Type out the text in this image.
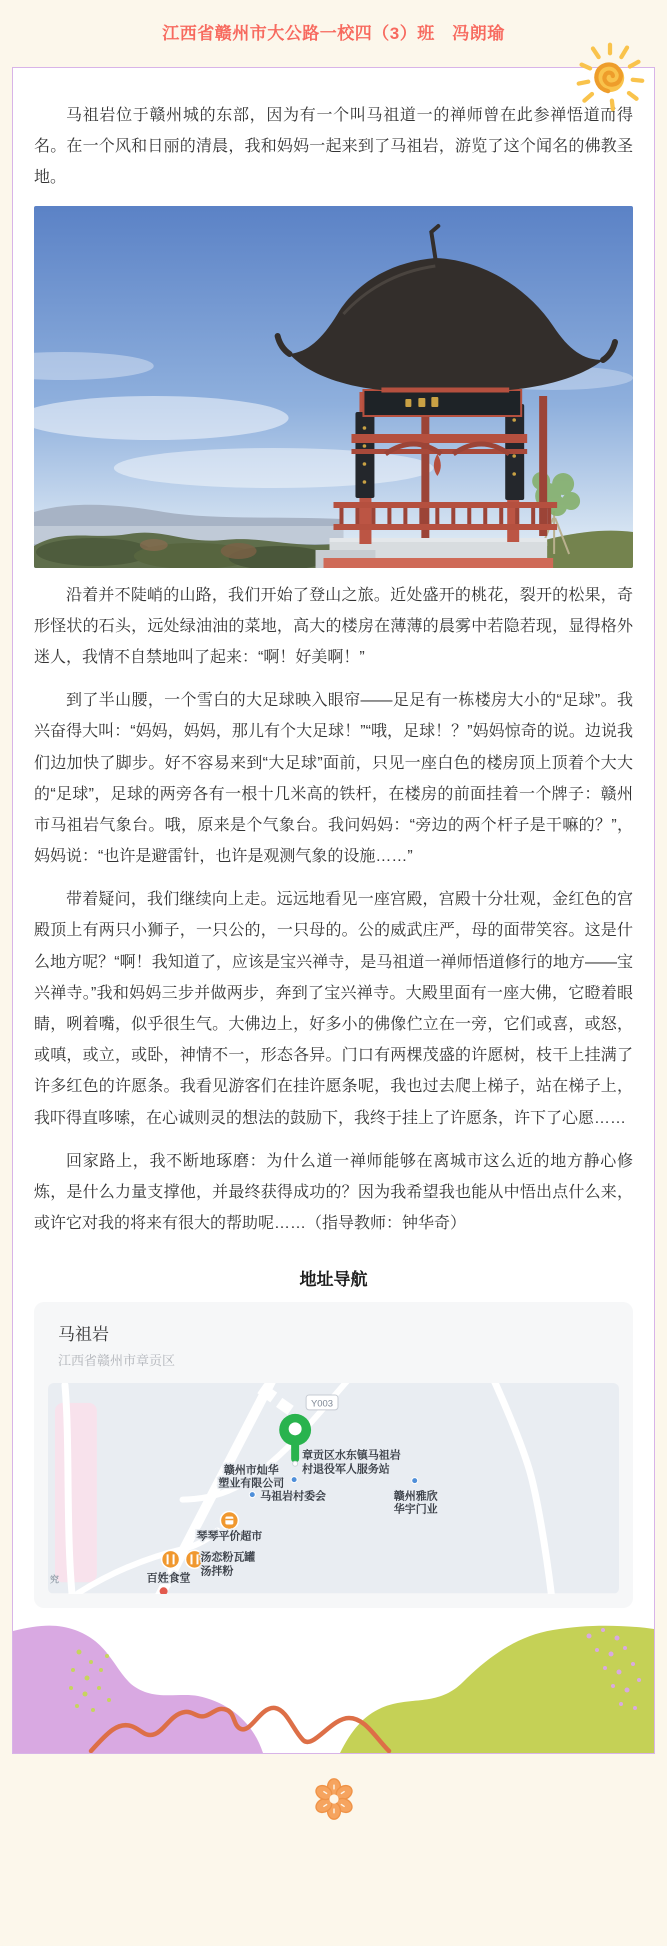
江西省赣州市大公路一校四（3）班　冯朗瑜

马祖岩位于赣州城的东部，因为有一个叫马祖道一的禅师曾在此参禅悟道而得名。在一个风和日丽的清晨，我和妈妈一起来到了马祖岩，游览了这个闻名的佛教圣地。

沿着并不陡峭的山路，我们开始了登山之旅。近处盛开的桃花，裂开的松果，奇形怪状的石头，远处绿油油的菜地，高大的楼房在薄薄的晨雾中若隐若现，显得格外迷人，我情不自禁地叫了起来：“啊！好美啊！”

到了半山腰，一个雪白的大足球映入眼帘——足足有一栋楼房大小的“足球”。我兴奋得大叫：“妈妈，妈妈，那儿有个大足球！”“哦，足球！？”妈妈惊奇的说。边说我们边加快了脚步。好不容易来到“大足球”面前，只见一座白色的楼房顶上顶着个大大的“足球”，足球的两旁各有一根十几米高的铁杆，在楼房的前面挂着一个牌子：赣州市马祖岩气象台。哦，原来是个气象台。我问妈妈：“旁边的两个杆子是干嘛的？”，妈妈说：“也许是避雷针，也许是观测气象的设施……”

带着疑问，我们继续向上走。远远地看见一座宫殿，宫殿十分壮观，金红色的宫殿顶上有两只小狮子，一只公的，一只母的。公的威武庄严，母的面带笑容。这是什么地方呢？“啊！我知道了，应该是宝兴禅寺，是马祖道一禅师悟道修行的地方——宝兴禅寺。”我和妈妈三步并做两步，奔到了宝兴禅寺。大殿里面有一座大佛，它瞪着眼睛，咧着嘴，似乎很生气。大佛边上，好多小的佛像伫立在一旁，它们或喜，或怒，或嗔，或立，或卧，神情不一，形态各异。门口有两棵茂盛的许愿树，枝干上挂满了许多红色的许愿条。我看见游客们在挂许愿条呢，我也过去爬上梯子，站在梯子上，我吓得直哆嗦，在心诚则灵的想法的鼓励下，我终于挂上了许愿条，许下了心愿……

回家路上，我不断地琢磨：为什么道一禅师能够在离城市这么近的地方静心修炼，是什么力量支撑他，并最终获得成功的？因为我希望我也能从中悟出点什么来，或许它对我的将来有很大的帮助呢……（指导教师：钟华奇）

地址导航
马祖岩
江西省赣州市章贡区
Y003
章贡区水东镇马祖岩
村退役军人服务站
赣州市灿华
塑业有限公司
马祖岩村委会	赣州雅欣
华宇门业
琴琴平价超市
汤恋粉瓦罐
汤拌粉
百姓食堂
究
